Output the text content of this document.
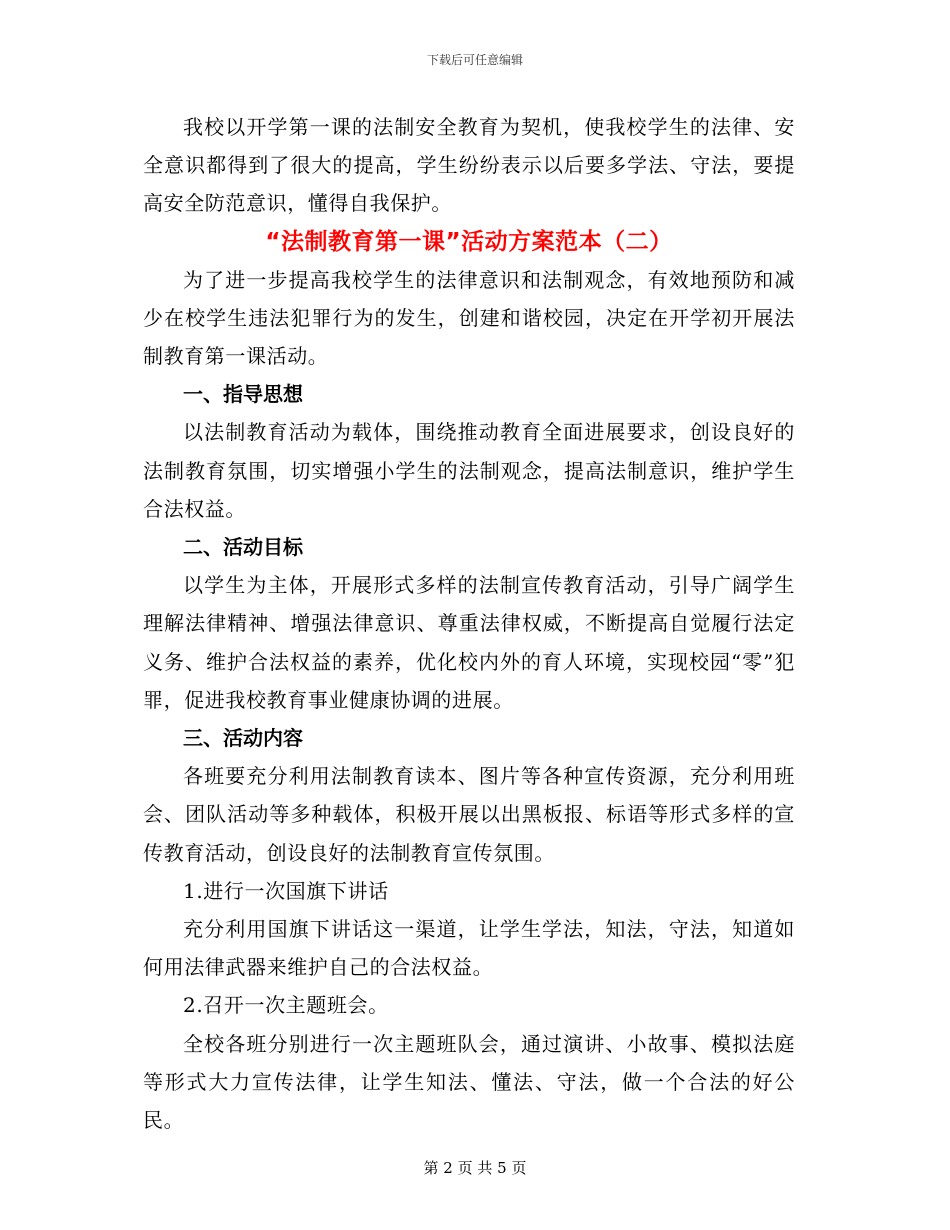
下载后可任意编辑

我校以开学第一课的法制安全教育为契机，使我校学生的法律、安全意识都得到了很大的提高，学生纷纷表示以后要多学法、守法，要提高安全防范意识，懂得自我保护。

“法制教育第一课”活动方案范本（二）

为了进一步提高我校学生的法律意识和法制观念，有效地预防和减少在校学生违法犯罪行为的发生，创建和谐校园，决定在开学初开展法制教育第一课活动。

一、指导思想

以法制教育活动为载体，围绕推动教育全面进展要求，创设良好的法制教育氛围，切实增强小学生的法制观念，提高法制意识，维护学生合法权益。

二、活动目标

以学生为主体，开展形式多样的法制宣传教育活动，引导广阔学生理解法律精神、增强法律意识、尊重法律权威，不断提高自觉履行法定义务、维护合法权益的素养，优化校内外的育人环境，实现校园“零”犯罪，促进我校教育事业健康协调的进展。

三、活动内容

各班要充分利用法制教育读本、图片等各种宣传资源，充分利用班会、团队活动等多种载体，积极开展以出黑板报、标语等形式多样的宣传教育活动，创设良好的法制教育宣传氛围。

1.进行一次国旗下讲话

充分利用国旗下讲话这一渠道，让学生学法，知法，守法，知道如何用法律武器来维护自己的合法权益。

2.召开一次主题班会。

全校各班分别进行一次主题班队会，通过演讲、小故事、模拟法庭等形式大力宣传法律，让学生知法、懂法、守法，做一个合法的好公民。

第 2 页 共 5 页
